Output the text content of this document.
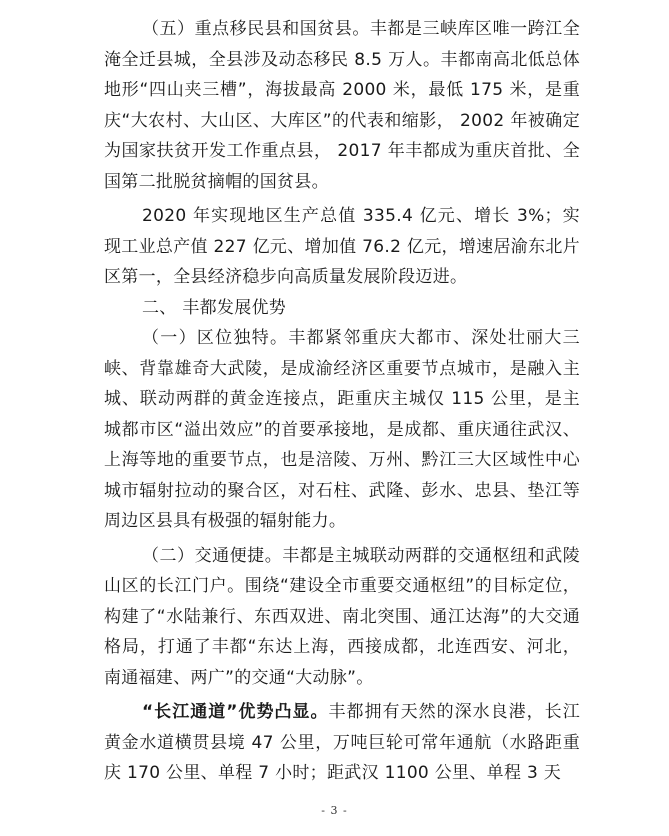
（五）重点移民县和国贫县。丰都是三峡库区唯一跨江全淹全迁县城，全县涉及动态移民 8.5 万人。丰都南高北低总体地形“四山夹三槽”，海拔最高 2000 米，最低 175 米，是重庆“大农村、大山区、大库区”的代表和缩影， 2002 年被确定为国家扶贫开发工作重点县， 2017 年丰都成为重庆首批、全国第二批脱贫摘帽的国贫县。

2020 年实现地区生产总值 335.4 亿元、增长 3%；实现工业总产值 227 亿元、增加值 76.2 亿元，增速居渝东北片区第一，全县经济稳步向高质量发展阶段迈进。

二、 丰都发展优势

（一）区位独特。丰都紧邻重庆大都市、深处壮丽大三峡、背靠雄奇大武陵，是成渝经济区重要节点城市，是融入主城、联动两群的黄金连接点，距重庆主城仅 115 公里，是主城都市区“溢出效应”的首要承接地，是成都、重庆通往武汉、上海等地的重要节点，也是涪陵、万州、黔江三大区域性中心城市辐射拉动的聚合区，对石柱、武隆、彭水、忠县、垫江等周边区县具有极强的辐射能力。

（二）交通便捷。丰都是主城联动两群的交通枢纽和武陵山区的长江门户。围绕“建设全市重要交通枢纽”的目标定位，构建了“水陆兼行、东西双进、南北突围、通江达海”的大交通格局，打通了丰都“东达上海，西接成都，北连西安、河北，南通福建、两广”的交通“大动脉”。

“长江通道”优势凸显。丰都拥有天然的深水良港，长江黄金水道横贯县境 47 公里，万吨巨轮可常年通航（水路距重庆 170 公里、单程 7 小时；距武汉 1100 公里、单程 3 天

- 3 -
